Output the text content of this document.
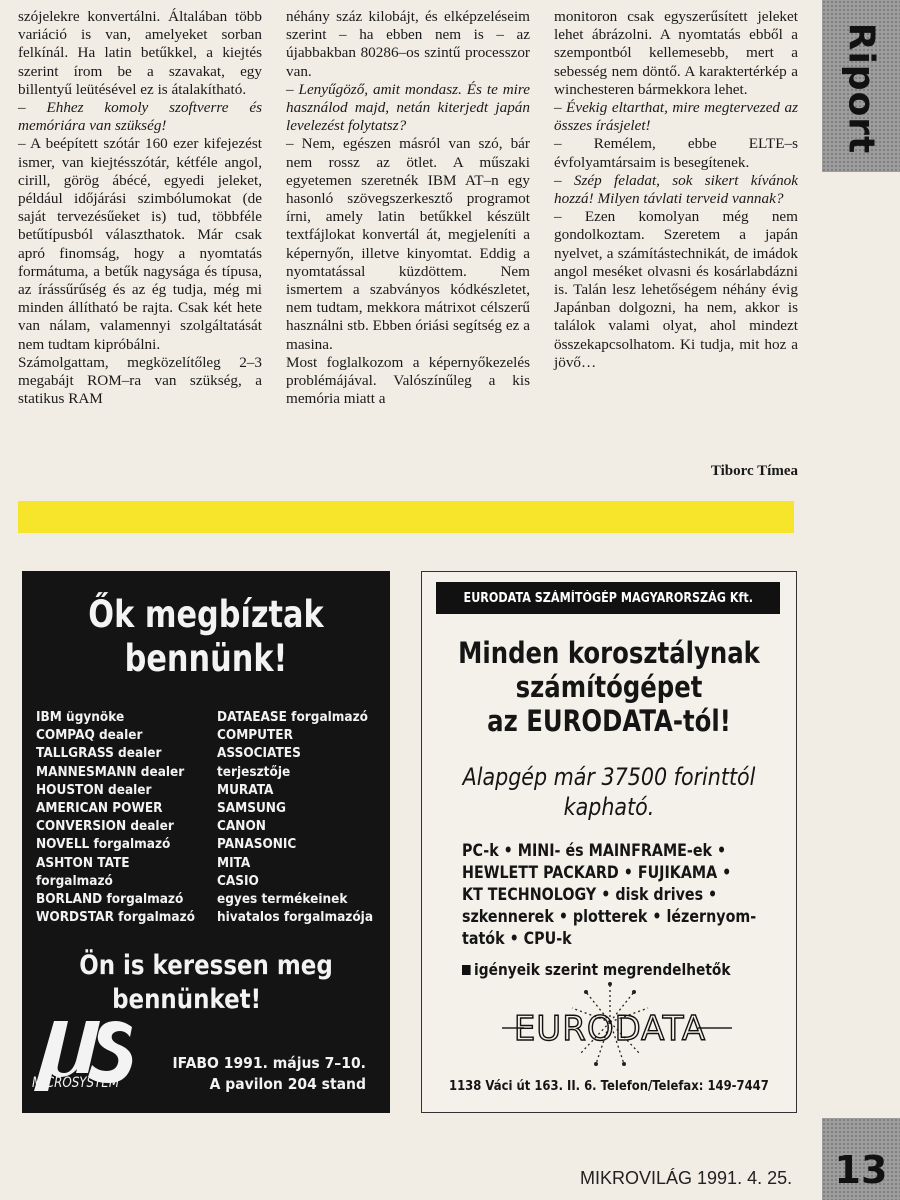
szójelekre konvertálni. Általában több variáció is van, amelyeket sorban felkínál. Ha latin betűkkel, a kiejtés szerint írom be a szavakat, egy billentyű leütésével ez is átalakítható.

– Ehhez komoly szoftverre és memóriára van szükség!

– A beépített szótár 160 ezer kifejezést ismer, van kiejtésszótár, kétféle angol, cirill, görög ábécé, egyedi jeleket, például időjárási szimbólumokat (de saját tervezésűeket is) tud, többféle betűtípusból választhatok. Már csak apró finomság, hogy a nyomtatás formátuma, a betűk nagysága és típusa, az írássűrűség és az ég tudja, még mi minden állítható be rajta. Csak két hete van nálam, valamennyi szolgáltatását nem tudtam kipróbálni.

Számolgattam, megközelítőleg 2–3 megabájt ROM–ra van szükség, a statikus RAM

néhány száz kilobájt, és elképzeléseim szerint – ha ebben nem is – az újabbakban 80286–os szintű processzor van.

– Lenyűgöző, amit mondasz. És te mire használod majd, netán kiterjedt japán levelezést folytatsz?

– Nem, egészen másról van szó, bár nem rossz az ötlet. A műszaki egyetemen szeretnék IBM AT–n egy hasonló szövegszerkesztő programot írni, amely latin betűkkel készült textfájlokat konvertál át, megjeleníti a képernyőn, illetve kinyomtat. Eddig a nyomtatással küzdöttem. Nem ismertem a szabványos kódkészletet, nem tudtam, mekkora mátrixot célszerű használni stb. Ebben óriási segítség ez a masina.

Most foglalkozom a képernyőkezelés problémájával. Valószínűleg a kis memória miatt a

monitoron csak egyszerűsített jeleket lehet ábrázolni. A nyomtatás ebből a szempontból kellemesebb, mert a sebesség nem döntő. A karaktertérkép a winchesteren bármekkora lehet.

– Évekig eltarthat, mire megtervezed az összes írásjelet!

– Remélem, ebbe ELTE–s évfolyamtársaim is besegítenek.

– Szép feladat, sok sikert kívánok hozzá! Milyen távlati terveid vannak?

– Ezen komolyan még nem gondolkoztam. Szeretem a japán nyelvet, a számítástechnikát, de imádok angol meséket olvasni és kosárlabdázni is. Talán lesz lehetőségem néhány évig Japánban dolgozni, ha nem, akkor is találok valami olyat, ahol mindezt összekapcsolhatom. Ki tudja, mit hoz a jövő…

Tiborc Tímea
Riport
Ők megbíztak
bennünk!
IBM ügynöke
COMPAQ dealer
TALLGRASS dealer
MANNESMANN dealer
HOUSTON dealer
AMERICAN POWER
CONVERSION dealer
NOVELL forgalmazó
ASHTON TATE
forgalmazó
BORLAND forgalmazó
WORDSTAR forgalmazó
DATAEASE forgalmazó
COMPUTER
ASSOCIATES
terjesztője
MURATA
SAMSUNG
CANON
PANASONIC
MITA
CASIO
egyes termékeinek
hivatalos forgalmazója
Ön is keressen meg
bennünket!
MICROSYSTEM
IFABO 1991. május 7–10.
A pavilon 204 stand
EURODATA SZÁMÍTÓGÉP MAGYARORSZÁG Kft.
Minden korosztálynak
számítógépet
az EURODATA-tól!
Alapgép már 37500 forinttól
kapható.
PC-k • MINI- és MAINFRAME-ek •
HEWLETT PACKARD • FUJIKAMA •
KT TECHNOLOGY • disk drives •
szkennerek • plotterek • lézernyom-
tatók • CPU-k
igényeik szerint megrendelhetők
EURODATA
1138 Váci út 163. II. 6. Telefon/Telefax: 149-7447
MIKROVILÁG 1991. 4. 25. 13
